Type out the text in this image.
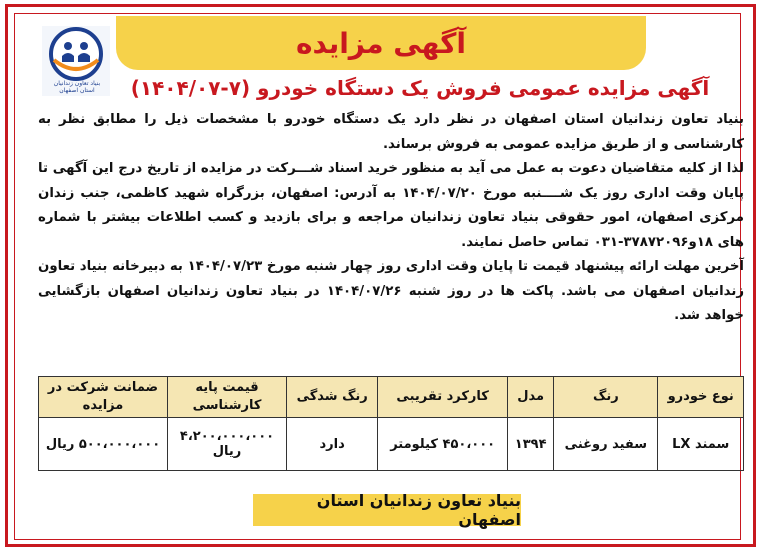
آگهی مزایده
بنیاد تعاون زندانیان استان اصفهان	آگهی مزایده عمومی فروش یک دستگاه خودرو (۷-۱۴۰۴/۰۷)

بنیاد تعاون زندانیان استان اصفهان در نظر دارد یک دستگاه خودرو با مشخصات ذیل را مطابق نظر به کارشناسی و از طریق مزایده عمومی به فروش برساند.

لذا از کلیه متقاضیان دعوت به عمل می آید به منظور خرید اسناد شـــرکت در مزایده از تاریخ درج این آگهی تا پایان وقت اداری روز یک شــــنبه مورخ ۱۴۰۴/۰۷/۲۰ به آدرس: اصفهان، بزرگراه شهید کاظمی، جنب زندان مرکزی اصفهان، امور حقوقی بنیاد تعاون زندانیان مراجعه و برای بازدید و کسب اطلاعات بیشتر با شماره های ۱۸و۳۷۸۷۲۰۹۶-۰۳۱ تماس حاصل نمایند.

آخرین مهلت ارائه پیشنهاد قیمت تا پایان وقت اداری روز چهار شنبه مورخ ۱۴۰۴/۰۷/۲۳ به دبیرخانه بنیاد تعاون زندانیان اصفهان می باشد. پاکت ها در روز شنبه ۱۴۰۴/۰۷/۲۶ در بنیاد تعاون زندانیان اصفهان بازگشایی خواهد شد.

نوع خودرو	رنگ	مدل	کارکرد تقریبی	رنگ شدگی	قیمت پایه کارشناسی	ضمانت شرکت در مزایده
سمند LX	سفید روغنی	۱۳۹۴	۴۵۰،۰۰۰ کیلومتر	دارد	۴،۲۰۰،۰۰۰،۰۰۰ ریال	۵۰۰،۰۰۰،۰۰۰ ریال
بنیاد تعاون زندانیان استان اصفهان
